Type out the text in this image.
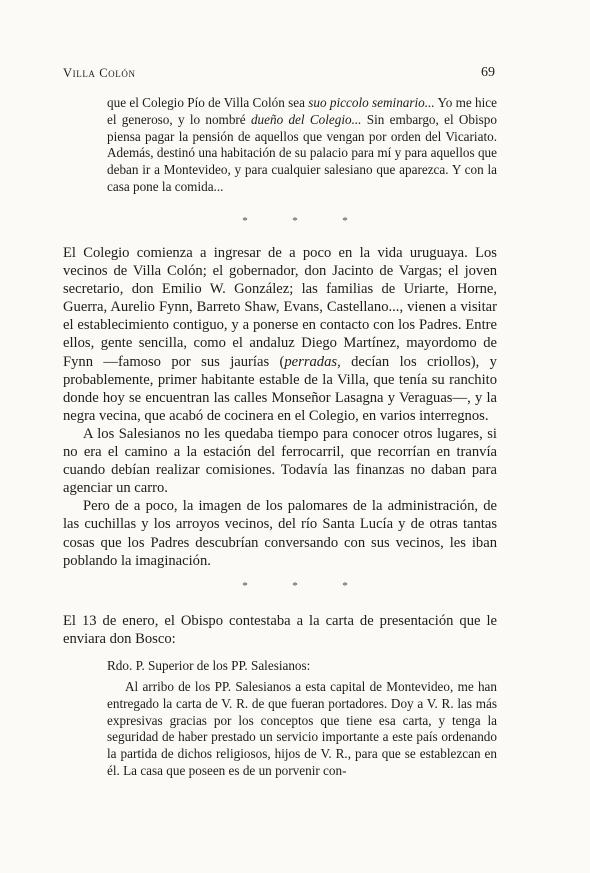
Villa Colón	69
que el Colegio Pío de Villa Colón sea suo piccolo seminario... Yo me hice el generoso, y lo nombré dueño del Colegio... Sin embargo, el Obispo piensa pagar la pensión de aquellos que vengan por orden del Vicariato. Además, destinó una habitación de su palacio para mí y para aquellos que deban ir a Montevideo, y para cualquier salesiano que aparezca. Y con la casa pone la comida...
*	*	*

El Colegio comienza a ingresar de a poco en la vida uruguaya. Los vecinos de Villa Colón; el gobernador, don Jacinto de Vargas; el joven secretario, don Emilio W. González; las familias de Uriarte, Horne, Guerra, Aurelio Fynn, Barreto Shaw, Evans, Castellano..., vienen a visitar el establecimiento contiguo, y a ponerse en contacto con los Padres. Entre ellos, gente sencilla, como el andaluz Diego Martínez, mayordomo de Fynn —famoso por sus jaurías (perradas, decían los criollos), y probablemente, primer habitante estable de la Villa, que tenía su ranchito donde hoy se encuentran las calles Monseñor Lasagna y Veraguas—, y la negra vecina, que acabó de cocinera en el Colegio, en varios interregnos.

A los Salesianos no les quedaba tiempo para conocer otros lugares, si no era el camino a la estación del ferrocarril, que recorrían en tranvía cuando debían realizar comisiones. Todavía las finanzas no daban para agenciar un carro.

Pero de a poco, la imagen de los palomares de la administración, de las cuchillas y los arroyos vecinos, del río Santa Lucía y de otras tantas cosas que los Padres descubrían conversando con sus vecinos, les iban poblando la imaginación.

*	*	*
El 13 de enero, el Obispo contestaba a la carta de presentación que le enviara don Bosco:
Rdo. P. Superior de los PP. Salesianos:
Al arribo de los PP. Salesianos a esta capital de Montevideo, me han entregado la carta de V. R. de que fueran portadores. Doy a V. R. las más expresivas gracias por los conceptos que tiene esa carta, y tenga la seguridad de haber prestado un servicio importante a este país ordenando la partida de dichos religiosos, hijos de V. R., para que se establezcan en él. La casa que poseen es de un porvenir con-
